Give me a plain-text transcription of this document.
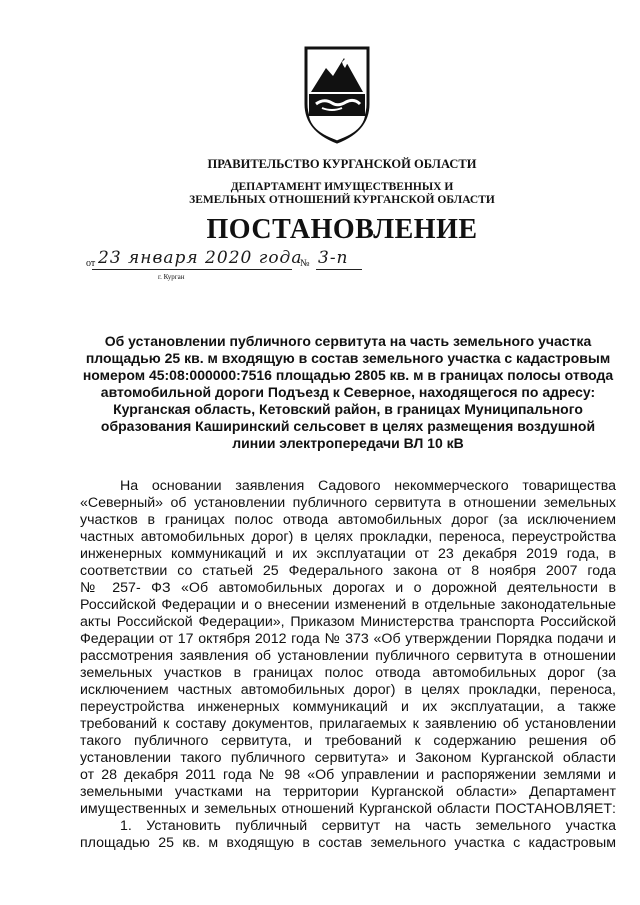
ПРАВИТЕЛЬСТВО КУРГАНСКОЙ ОБЛАСТИ
ДЕПАРТАМЕНТ ИМУЩЕСТВЕННЫХ И
ЗЕМЕЛЬНЫХ ОТНОШЕНИЙ КУРГАНСКОЙ ОБЛАСТИ
ПОСТАНОВЛЕНИЕ
от 23 января 2020 года
№ 3-п
г. Курган
Об установлении публичного сервитута на часть земельного участка
площадью 25 кв. м входящую в состав земельного участка с кадастровым
номером 45:08:000000:7516 площадью 2805 кв. м в границах полосы отвода
автомобильной дороги Подъезд к Северное, находящегося по адресу:
Курганская область, Кетовский район, в границах Муниципального
образования Каширинский сельсовет в целях размещения воздушной
линии электропередачи ВЛ 10 кВ
На основании заявления Садового некоммерческого товарищества
«Северный» об установлении публичного сервитута в отношении земельных
участков в границах полос отвода автомобильных дорог (за исключением
частных автомобильных дорог) в целях прокладки, переноса, переустройства
инженерных коммуникаций и их эксплуатации от 23 декабря 2019 года, в
соответствии со статьей 25 Федерального закона от 8 ноября 2007 года
№ 257- ФЗ «Об автомобильных дорогах и о дорожной деятельности в
Российской Федерации и о внесении изменений в отдельные законодательные
акты Российской Федерации», Приказом Министерства транспорта Российской
Федерации от 17 октября 2012 года № 373 «Об утверждении Порядка подачи и
рассмотрения заявления об установлении публичного сервитута в отношении
земельных участков в границах полос отвода автомобильных дорог (за
исключением частных автомобильных дорог) в целях прокладки, переноса,
переустройства инженерных коммуникаций и их эксплуатации, а также
требований к составу документов, прилагаемых к заявлению об установлении
такого публичного сервитута, и требований к содержанию решения об
установлении такого публичного сервитута» и Законом Курганской области
от 28 декабря 2011 года № 98 «Об управлении и распоряжении землями и
земельными участками на территории Курганской области» Департамент
имущественных и земельных отношений Курганской области ПОСТАНОВЛЯЕТ:
1. Установить публичный сервитут на часть земельного участка
площадью 25 кв. м входящую в состав земельного участка с кадастровым
